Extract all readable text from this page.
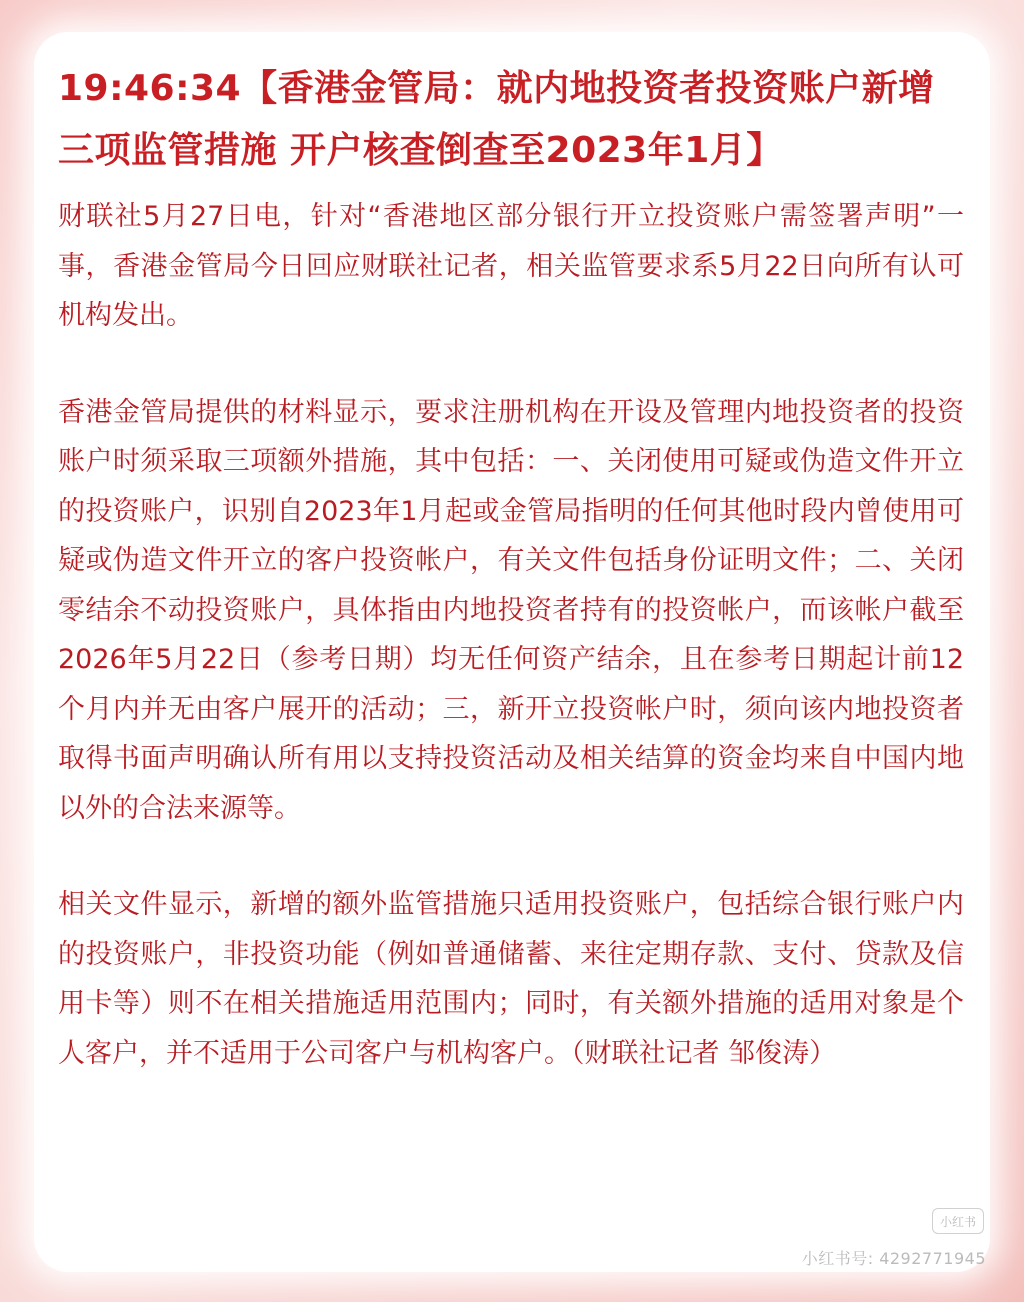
19:46:34【香港金管局：就内地投资者投资账户新增三项监管措施 开户核查倒查至2023年1月】

财联社5月27日电，针对“香港地区部分银行开立投资账户需签署声明”一事，香港金管局今日回应财联社记者，相关监管要求系5月22日向所有认可机构发出。

香港金管局提供的材料显示，要求注册机构在开设及管理内地投资者的投资账户时须采取三项额外措施，其中包括：一、关闭使用可疑或伪造文件开立的投资账户，识别自2023年1月起或金管局指明的任何其他时段内曾使用可疑或伪造文件开立的客户投资帐户，有关文件包括身份证明文件；二、关闭零结余不动投资账户，具体指由内地投资者持有的投资帐户，而该帐户截至2026年5月22日（参考日期）均无任何资产结余，且在参考日期起计前12个月内并无由客户展开的活动；三，新开立投资帐户时，须向该内地投资者取得书面声明确认所有用以支持投资活动及相关结算的资金均来自中国内地以外的合法来源等。

相关文件显示，新增的额外监管措施只适用投资账户，包括综合银行账户内的投资账户，非投资功能（例如普通储蓄、来往定期存款、支付、贷款及信用卡等）则不在相关措施适用范围内；同时，有关额外措施的适用对象是个人客户，并不适用于公司客户与机构客户。（财联社记者 邹俊涛）

小红书
小红书号: 4292771945
